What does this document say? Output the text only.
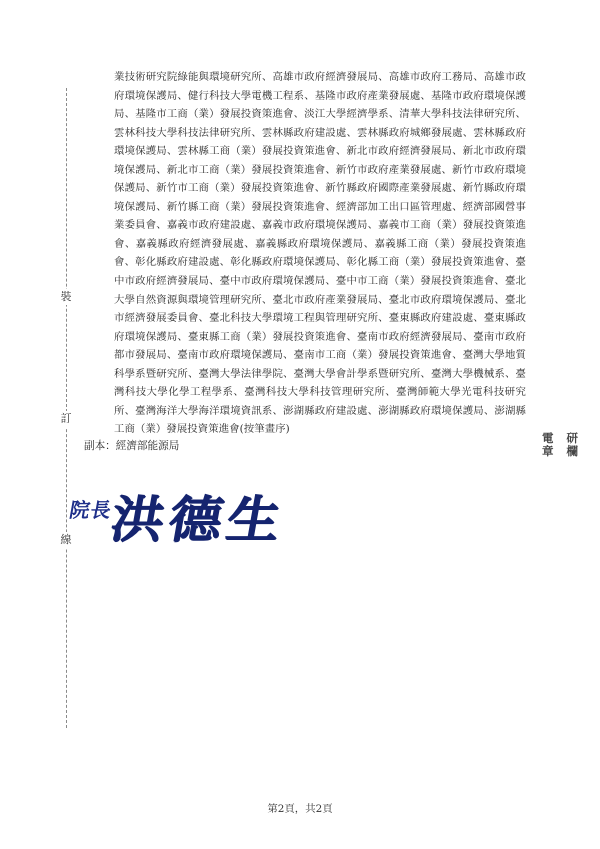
裝
訂
線

業技術研究院綠能與環境研究所、高雄市政府經濟發展局、高雄市政府工務局、高雄市政府環境保護局、健行科技大學電機工程系、基隆市政府產業發展處、基隆市政府環境保護局、基隆市工商（業）發展投資策進會、淡江大學經濟學系、清華大學科技法律研究所、雲林科技大學科技法律研究所、雲林縣政府建設處、雲林縣政府城鄉發展處、雲林縣政府環境保護局、雲林縣工商（業）發展投資策進會、新北市政府經濟發展局、新北市政府環境保護局、新北市工商（業）發展投資策進會、新竹市政府產業發展處、新竹市政府環境保護局、新竹市工商（業）發展投資策進會、新竹縣政府國際產業發展處、新竹縣政府環境保護局、新竹縣工商（業）發展投資策進會、經濟部加工出口區管理處、經濟部國營事業委員會、嘉義市政府建設處、嘉義市政府環境保護局、嘉義市工商（業）發展投資策進會、嘉義縣政府經濟發展處、嘉義縣政府環境保護局、嘉義縣工商（業）發展投資策進會、彰化縣政府建設處、彰化縣政府環境保護局、彰化縣工商（業）發展投資策進會、臺中市政府經濟發展局、臺中市政府環境保護局、臺中市工商（業）發展投資策進會、臺北大學自然資源與環境管理研究所、臺北市政府產業發展局、臺北市政府環境保護局、臺北市經濟發展委員會、臺北科技大學環境工程與管理研究所、臺東縣政府建設處、臺東縣政府環境保護局、臺東縣工商（業）發展投資策進會、臺南市政府經濟發展局、臺南市政府都市發展局、臺南市政府環境保護局、臺南市工商（業）發展投資策進會、臺灣大學地質科學系暨研究所、臺灣大學法律學院、臺灣大學會計學系暨研究所、臺灣大學機械系、臺灣科技大學化學工程學系、臺灣科技大學科技管理研究所、臺灣師範大學光電科技研究所、臺灣海洋大學海洋環境資訊系、澎湖縣政府建設處、澎湖縣政府環境保護局、澎湖縣工商（業）發展投資策進會(按筆畫序)

副本：經濟部能源局
電	研
章	欄
院長
洪德生
第2頁，共2頁
